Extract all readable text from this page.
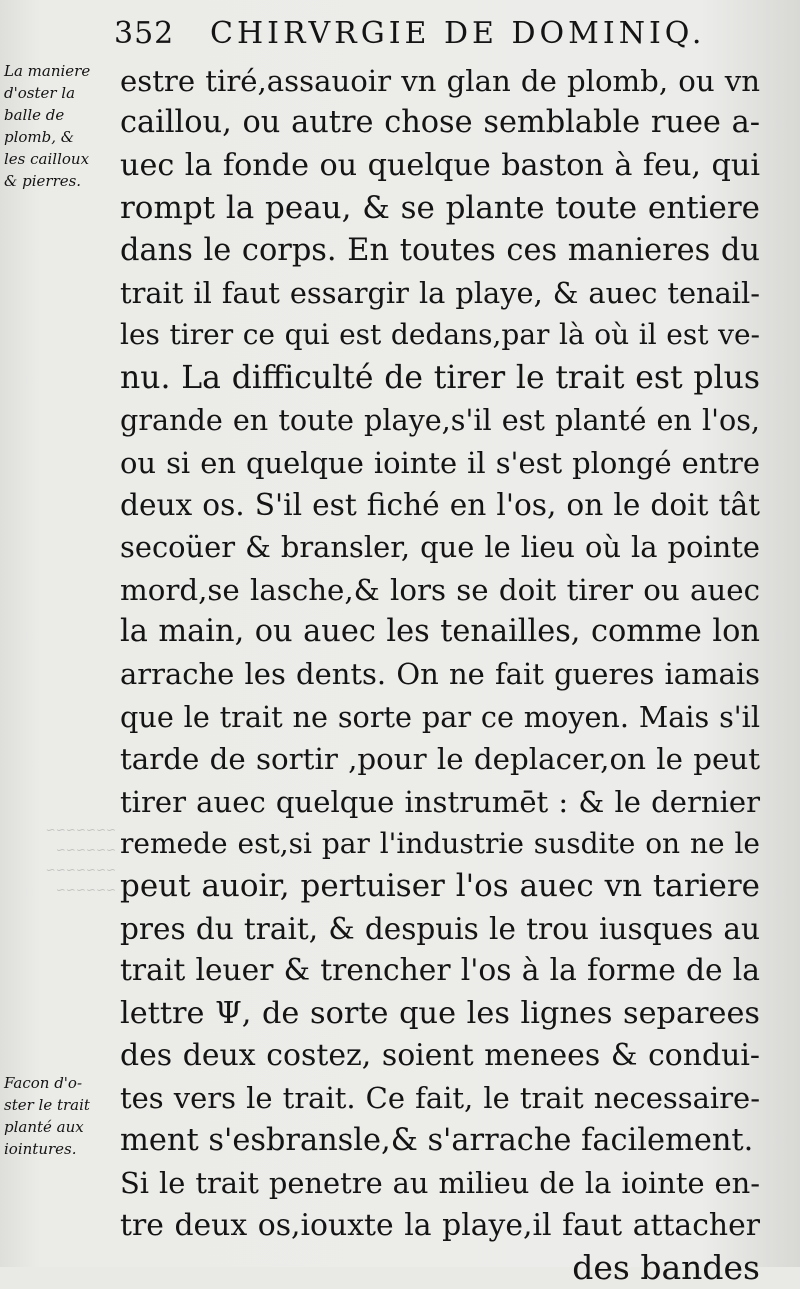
352 CHIRVRGIE DE DOMINIQ.
La maniere
d'oster la
balle de
plomb, &
les cailloux
& pierres.
~~~~~~~
~~~~~~
~~~~~~~
~~~~~~
estre tiré,assauoir vn glan de plomb, ou vn
caillou, ou autre chose semblable ruee a-
uec la fonde ou quelque baston à feu, qui
rompt la peau, & se plante toute entiere
dans le corps. En toutes ces manieres du
trait il faut essargir la playe, & auec tenail-
les tirer ce qui est dedans,par là où il est ve-
nu. La difficulté de tirer le trait est plus
grande en toute playe,s'il est planté en l'os,
ou si en quelque iointe il s'est plongé entre
deux os. S'il est fiché en l'os, on le doit tât
secoüer & bransler, que le lieu où la pointe
mord,se lasche,& lors se doit tirer ou auec
la main, ou auec les tenailles, comme lon
arrache les dents. On ne fait gueres iamais
que le trait ne sorte par ce moyen. Mais s'il
tarde de sortir ,pour le deplacer,on le peut
tirer auec quelque instrumēt : & le dernier
remede est,si par l'industrie susdite on ne le
peut auoir, pertuiser l'os auec vn tariere
pres du trait, & despuis le trou iusques au
trait leuer & trencher l'os à la forme de la
lettre Ψ, de sorte que les lignes separees
des deux costez, soient menees & condui-
tes vers le trait. Ce fait, le trait necessaire-
ment s'esbransle,& s'arrache facilement.
Si le trait penetre au milieu de la iointe en-
tre deux os,iouxte la playe,il faut attacher
des bandes
Facon d'o-
ster le trait
planté aux
iointures.
